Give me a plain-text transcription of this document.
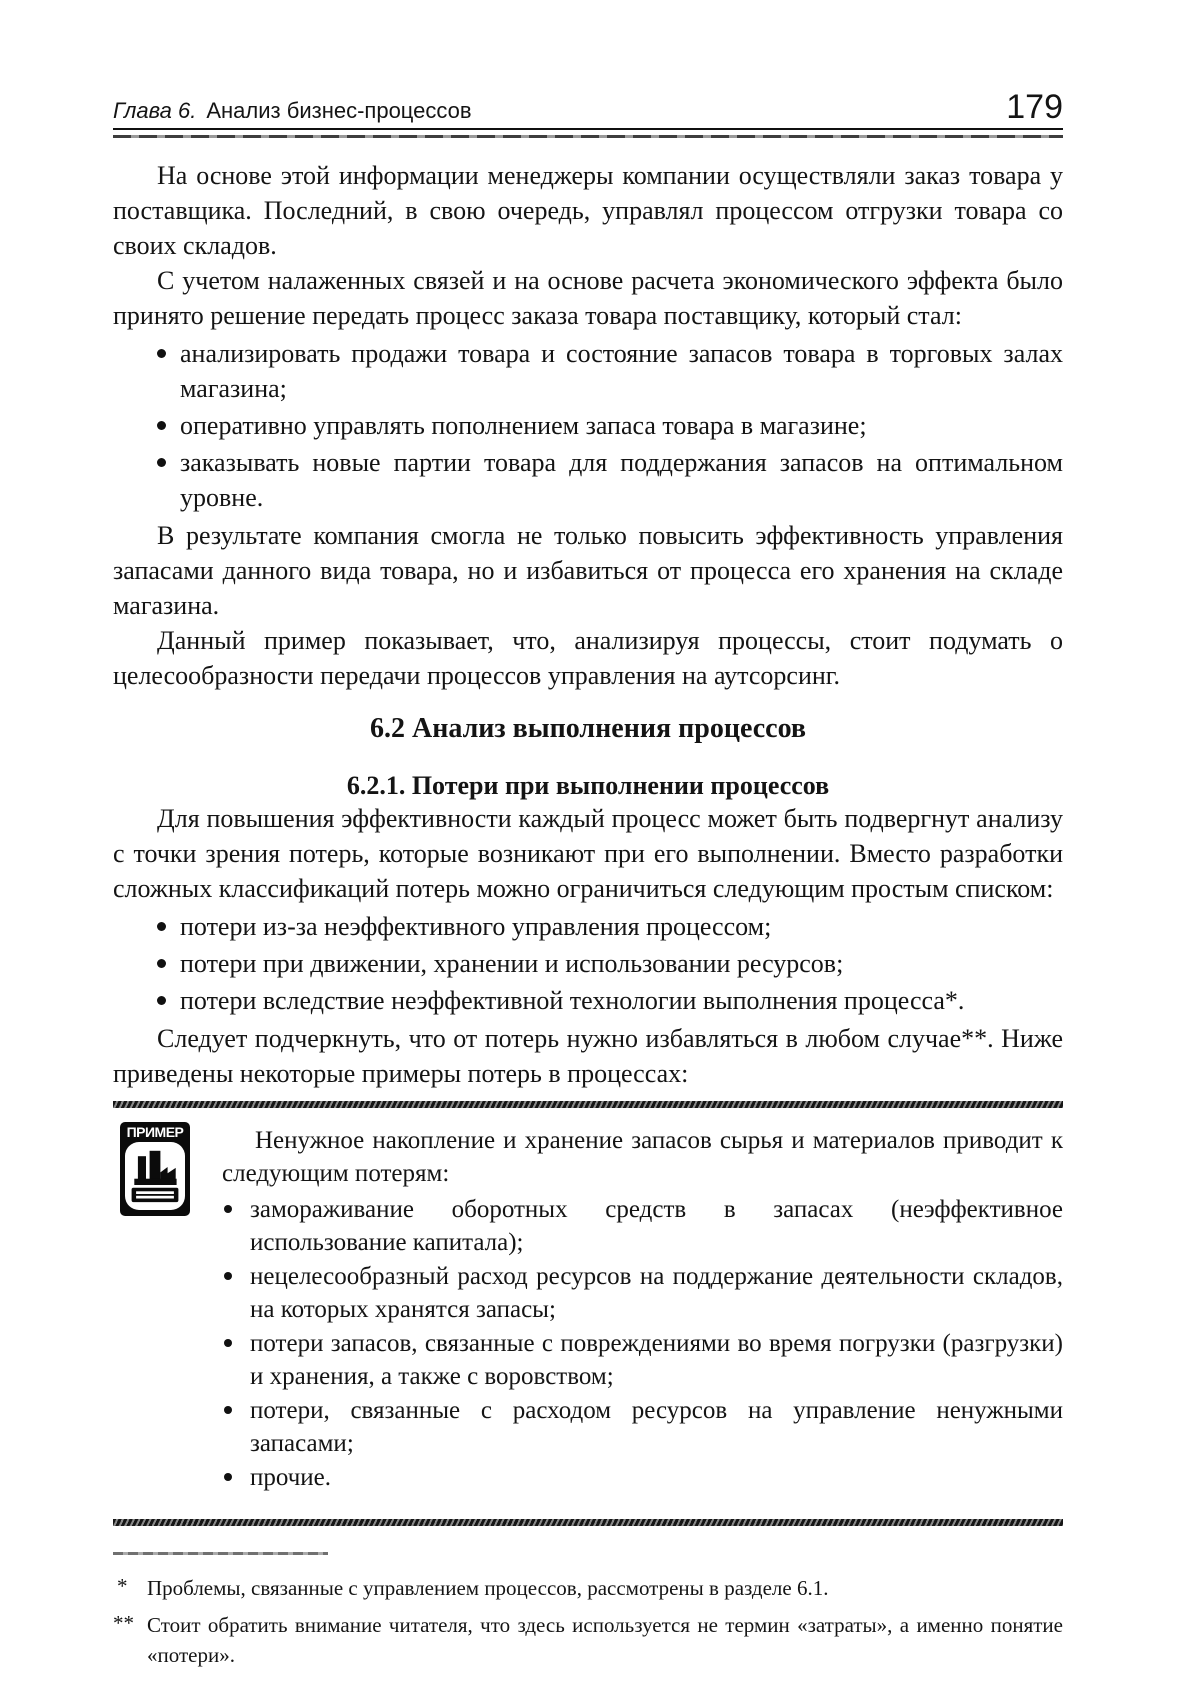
Глава 6. Анализ бизнес-процессов	179

На основе этой информации менеджеры компании осуществляли заказ товара у поставщика. Последний, в свою очередь, управлял процессом отгрузки товара со своих складов.

С учетом налаженных связей и на основе расчета экономического эффекта было принято решение передать процесс заказа товара поставщику, который стал:

анализировать продажи товара и состояние запасов товара в торговых залах магазина;
оперативно управлять пополнением запаса товара в магазине;
заказывать новые партии товара для поддержания запасов на оптимальном уровне.

В результате компания смогла не только повысить эффективность управления запасами данного вида товара, но и избавиться от процесса его хранения на складе магазина.

Данный пример показывает, что, анализируя процессы, стоит подумать о целесообразности передачи процессов управления на аутсорсинг.

6.2 Анализ выполнения процессов
6.2.1. Потери при выполнении процессов

Для повышения эффективности каждый процесс может быть подвергнут анализу с точки зрения потерь, которые возникают при его выполнении. Вместо разработки сложных классификаций потерь можно ограничиться следующим простым списком:

потери из-за неэффективного управления процессом;
потери при движении, хранении и использовании ресурсов;
потери вследствие неэффективной технологии выполнения процесса*.

Следует подчеркнуть, что от потерь нужно избавляться в любом случае**. Ниже приведены некоторые примеры потерь в процессах:

ПРИМЕР	Ненужное накопление и хранение запасов сырья и материалов приводит к следующим потерям:

замораживание оборотных средств в запасах (неэффективное использование капитала);
нецелесообразный расход ресурсов на поддержание деятельности складов, на которых хранятся запасы;
потери запасов, связанные с повреждениями во время погрузки (разгрузки) и хранения, а также с воровством;
потери, связанные с расходом ресурсов на управление ненужными запасами;
прочие.
* Проблемы, связанные с управлением процессов, рассмотрены в разделе 6.1.
** Стоит обратить внимание читателя, что здесь используется не термин «затраты», а именно понятие «потери».
